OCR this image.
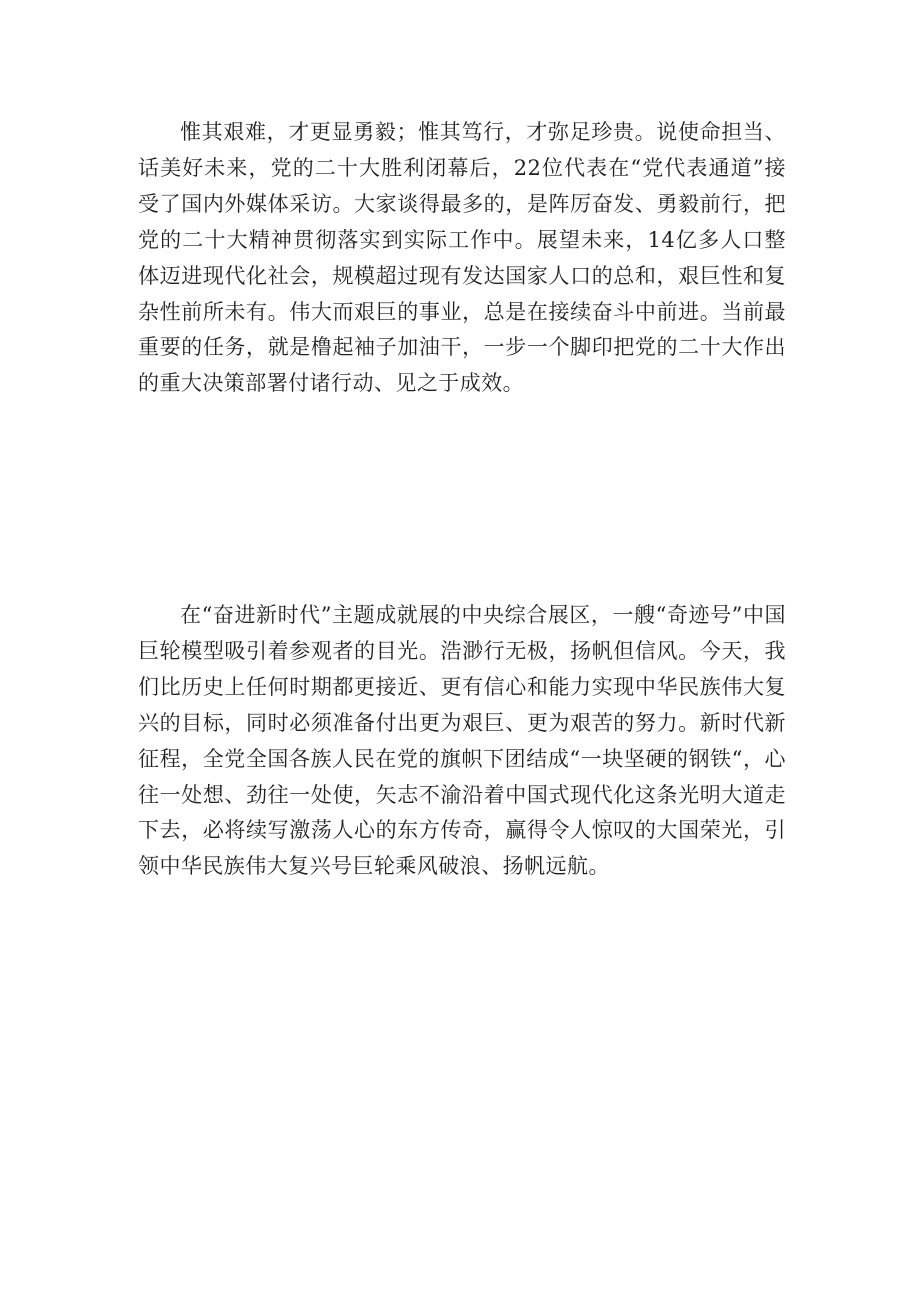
惟其艰难，才更显勇毅；惟其笃行，才弥足珍贵。说使命担当、话美好未来，党的二十大胜利闭幕后，22位代表在“党代表通道”接受了国内外媒体采访。大家谈得最多的，是阵厉奋发、勇毅前行，把党的二十大精神贯彻落实到实际工作中。展望未来，14亿多人口整体迈进现代化社会，规模超过现有发达国家人口的总和，艰巨性和复杂性前所未有。伟大而艰巨的事业，总是在接续奋斗中前进。当前最重要的任务，就是橹起袖子加油干，一步一个脚印把党的二十大作出的重大决策部署付诸行动、见之于成效。

在“奋进新时代”主题成就展的中央综合展区，一艘“奇迹号”中国巨轮模型吸引着参观者的目光。浩渺行无极，扬帆但信风。今天，我们比历史上任何时期都更接近、更有信心和能力实现中华民族伟大复兴的目标，同时必须准备付出更为艰巨、更为艰苦的努力。新时代新征程，全党全国各族人民在党的旗帜下团结成“一块坚硬的钢铁“，心往一处想、劲往一处使，矢志不渝沿着中国式现代化这条光明大道走下去，必将续写激荡人心的东方传奇，赢得令人惊叹的大国荣光，引领中华民族伟大复兴号巨轮乘风破浪、扬帆远航。
